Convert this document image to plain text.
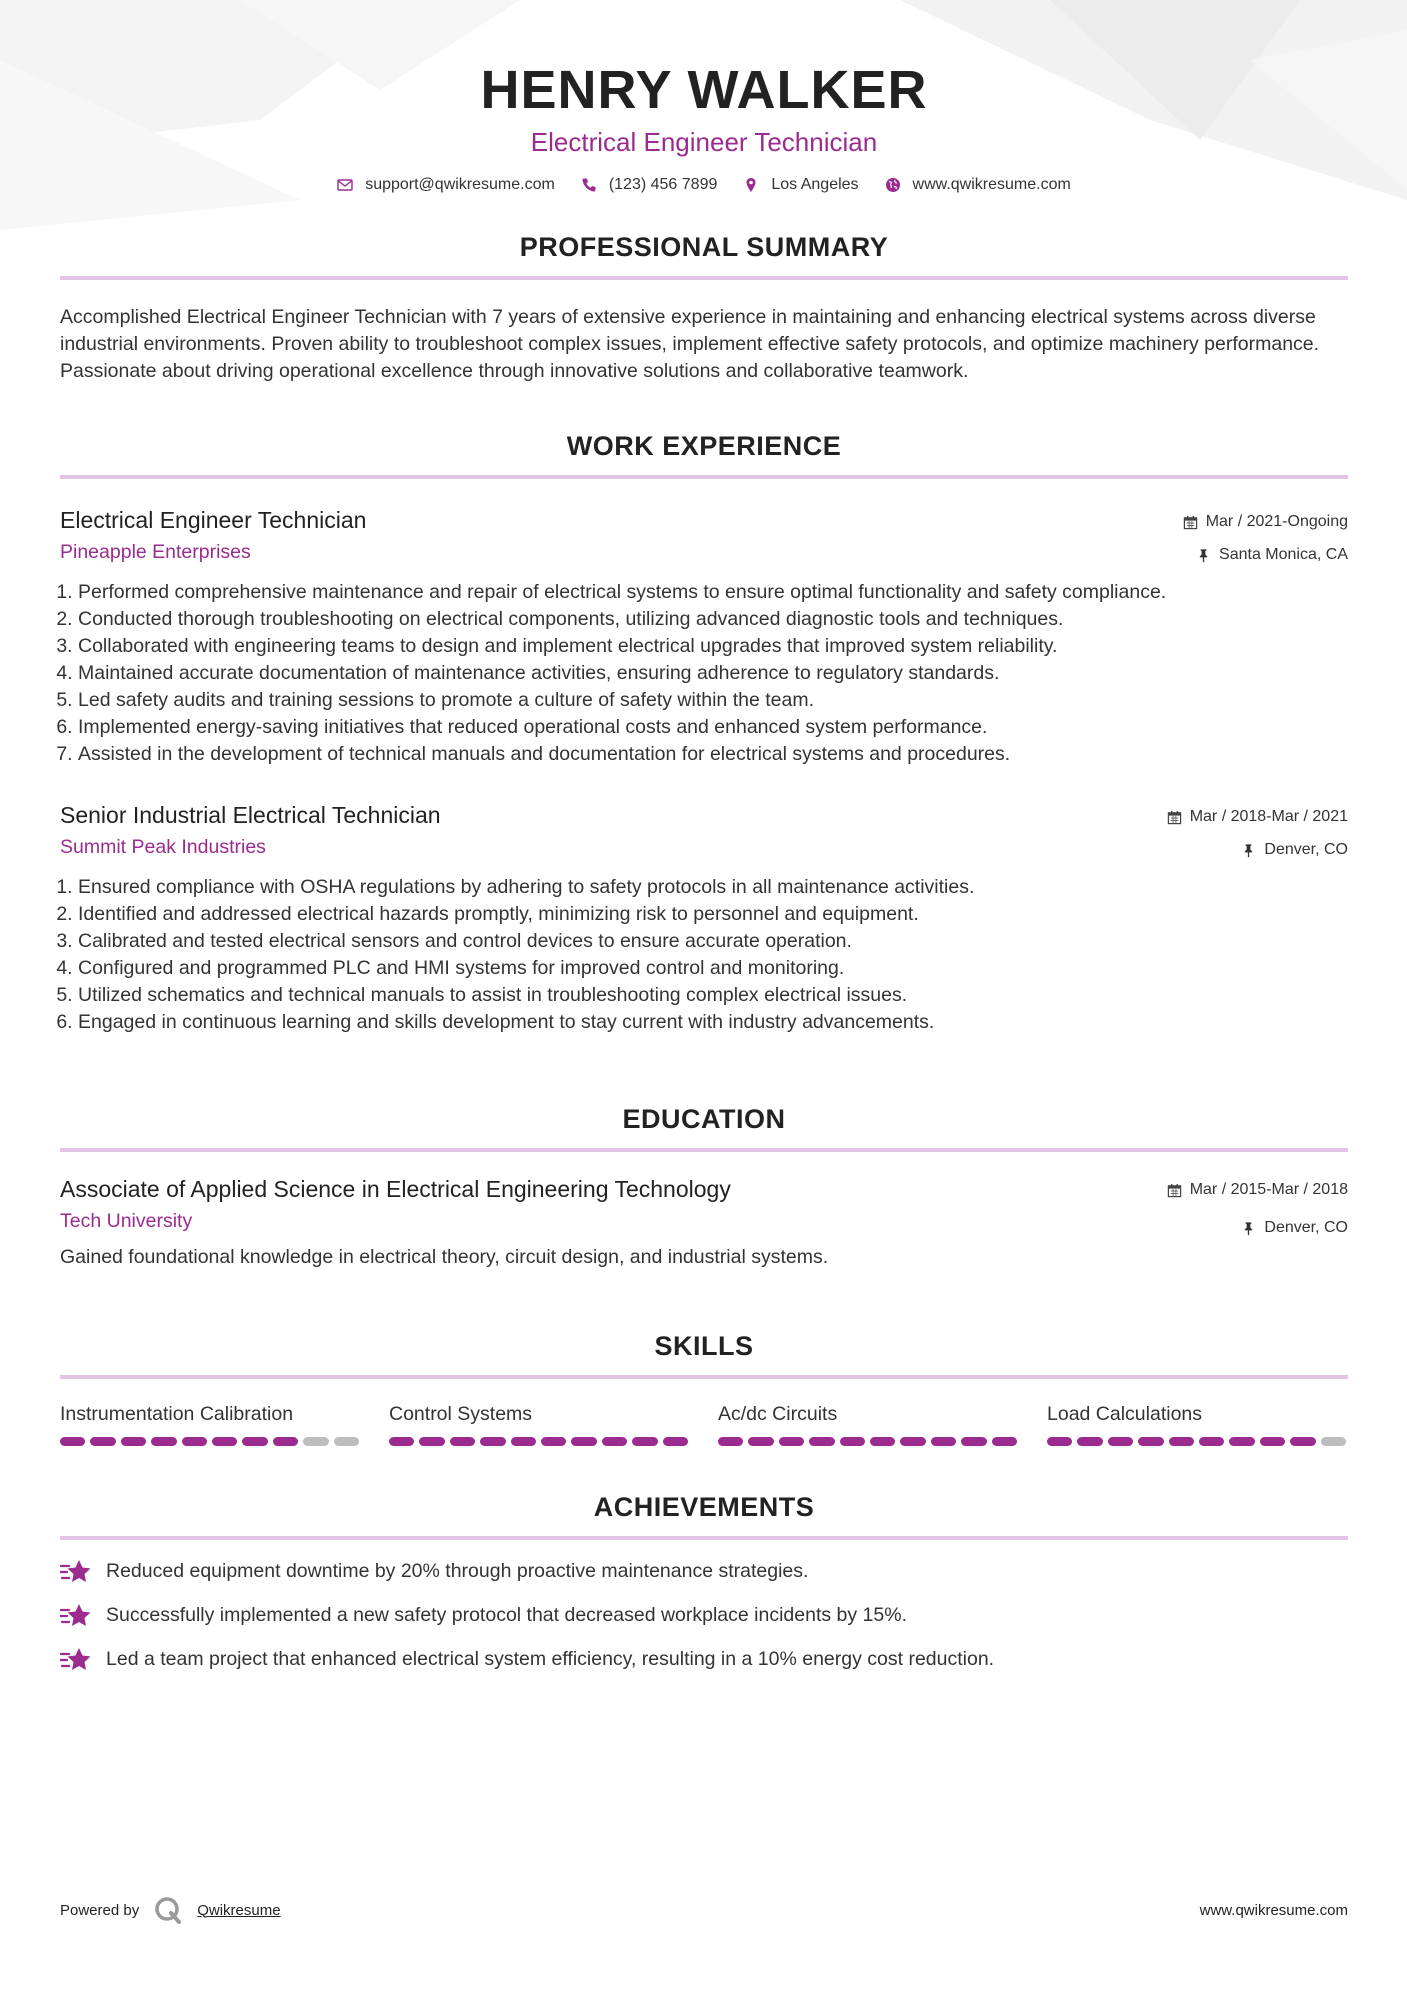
HENRY WALKER
Electrical Engineer Technician
support@qwikresume.com	(123) 456 7899	Los Angeles	www.qwikresume.com
PROFESSIONAL SUMMARY
Accomplished Electrical Engineer Technician with 7 years of extensive experience in maintaining and enhancing electrical systems across diverse industrial environments. Proven ability to troubleshoot complex issues, implement effective safety protocols, and optimize machinery performance. Passionate about driving operational excellence through innovative solutions and collaborative teamwork.
WORK EXPERIENCE
Electrical Engineer Technician
Pineapple Enterprises
Mar / 2021-Ongoing
Santa Monica, CA
1. Performed comprehensive maintenance and repair of electrical systems to ensure optimal functionality and safety compliance.
2. Conducted thorough troubleshooting on electrical components, utilizing advanced diagnostic tools and techniques.
3. Collaborated with engineering teams to design and implement electrical upgrades that improved system reliability.
4. Maintained accurate documentation of maintenance activities, ensuring adherence to regulatory standards.
5. Led safety audits and training sessions to promote a culture of safety within the team.
6. Implemented energy-saving initiatives that reduced operational costs and enhanced system performance.
7. Assisted in the development of technical manuals and documentation for electrical systems and procedures.
Senior Industrial Electrical Technician
Summit Peak Industries
Mar / 2018-Mar / 2021
Denver, CO
1. Ensured compliance with OSHA regulations by adhering to safety protocols in all maintenance activities.
2. Identified and addressed electrical hazards promptly, minimizing risk to personnel and equipment.
3. Calibrated and tested electrical sensors and control devices to ensure accurate operation.
4. Configured and programmed PLC and HMI systems for improved control and monitoring.
5. Utilized schematics and technical manuals to assist in troubleshooting complex electrical issues.
6. Engaged in continuous learning and skills development to stay current with industry advancements.
EDUCATION
Associate of Applied Science in Electrical Engineering Technology
Tech University
Mar / 2015-Mar / 2018
Denver, CO
Gained foundational knowledge in electrical theory, circuit design, and industrial systems.
SKILLS
Instrumentation Calibration	Control Systems	Ac/dc Circuits	Load Calculations
ACHIEVEMENTS
Reduced equipment downtime by 20% through proactive maintenance strategies.
Successfully implemented a new safety protocol that decreased workplace incidents by 15%.
Led a team project that enhanced electrical system efficiency, resulting in a 10% energy cost reduction.
Powered by	Qwikresume	www.qwikresume.com
